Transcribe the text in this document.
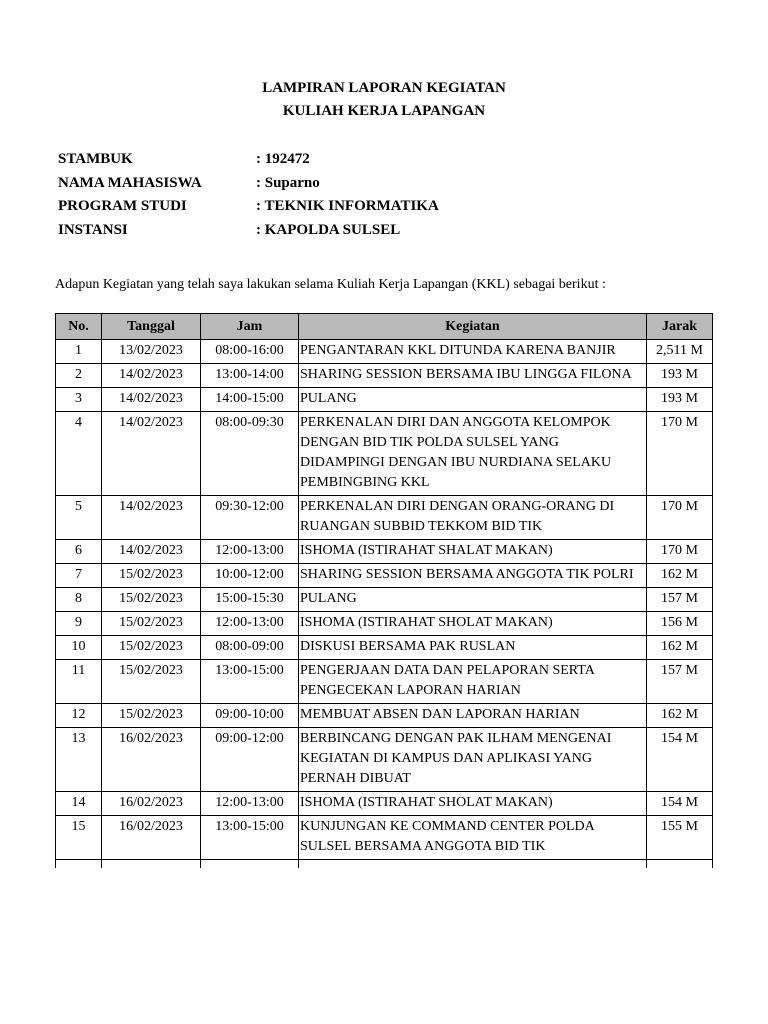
LAMPIRAN LAPORAN KEGIATAN
KULIAH KERJA LAPANGAN
STAMBUK	: 192472
NAMA MAHASISWA	: Suparno
PROGRAM STUDI	: TEKNIK INFORMATIKA
INSTANSI	: KAPOLDA SULSEL
Adapun Kegiatan yang telah saya lakukan selama Kuliah Kerja Lapangan (KKL) sebagai berikut :
No.	Tanggal	Jam	Kegiatan	Jarak
1	13/02/2023	08:00-16:00	PENGANTARAN KKL DITUNDA KARENA BANJIR	2,511 M
2	14/02/2023	13:00-14:00	SHARING SESSION BERSAMA IBU LINGGA FILONA	193 M
3	14/02/2023	14:00-15:00	PULANG	193 M
4	14/02/2023	08:00-09:30	PERKENALAN DIRI DAN ANGGOTA KELOMPOK DENGAN BID TIK POLDA SULSEL YANG DIDAMPINGI DENGAN IBU NURDIANA SELAKU PEMBINGBING KKL	170 M
5	14/02/2023	09:30-12:00	PERKENALAN DIRI DENGAN ORANG-ORANG DI RUANGAN SUBBID TEKKOM BID TIK	170 M
6	14/02/2023	12:00-13:00	ISHOMA (ISTIRAHAT SHALAT MAKAN)	170 M
7	15/02/2023	10:00-12:00	SHARING SESSION BERSAMA ANGGOTA TIK POLRI	162 M
8	15/02/2023	15:00-15:30	PULANG	157 M
9	15/02/2023	12:00-13:00	ISHOMA (ISTIRAHAT SHOLAT MAKAN)	156 M
10	15/02/2023	08:00-09:00	DISKUSI BERSAMA PAK RUSLAN	162 M
11	15/02/2023	13:00-15:00	PENGERJAAN DATA DAN PELAPORAN SERTA PENGECEKAN LAPORAN HARIAN	157 M
12	15/02/2023	09:00-10:00	MEMBUAT ABSEN DAN LAPORAN HARIAN	162 M
13	16/02/2023	09:00-12:00	BERBINCANG DENGAN PAK ILHAM MENGENAI KEGIATAN DI KAMPUS DAN APLIKASI YANG PERNAH DIBUAT	154 M
14	16/02/2023	12:00-13:00	ISHOMA (ISTIRAHAT SHOLAT MAKAN)	154 M
15	16/02/2023	13:00-15:00	KUNJUNGAN KE COMMAND CENTER POLDA SULSEL BERSAMA ANGGOTA BID TIK	155 M
